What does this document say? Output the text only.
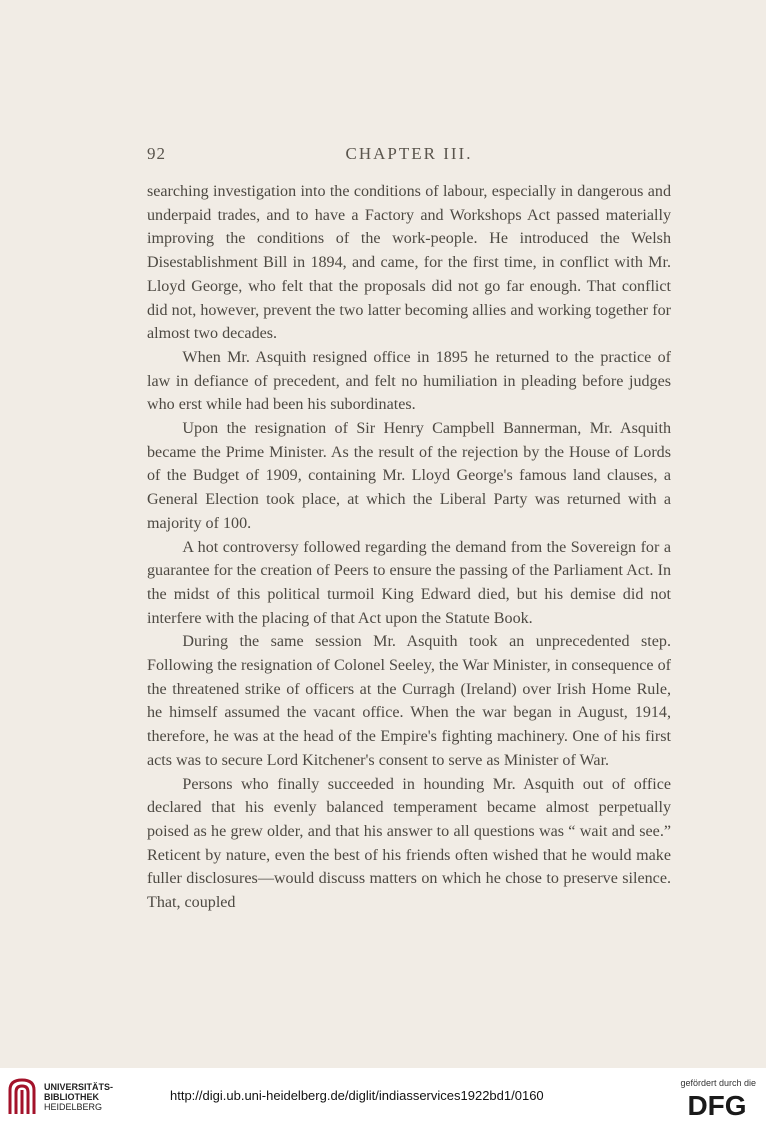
92	CHAPTER III.

searching investigation into the conditions of labour, especially in dangerous and underpaid trades, and to have a Factory and Workshops Act passed materially improving the conditions of the work-people. He introduced the Welsh Disestablishment Bill in 1894, and came, for the first time, in conflict with Mr. Lloyd George, who felt that the proposals did not go far enough. That conflict did not, however, prevent the two latter becoming allies and working together for almost two decades.

When Mr. Asquith resigned office in 1895 he returned to the practice of law in defiance of precedent, and felt no humiliation in pleading before judges who erst while had been his subordinates.

Upon the resignation of Sir Henry Campbell Bannerman, Mr. Asquith became the Prime Minister. As the result of the rejection by the House of Lords of the Budget of 1909, containing Mr. Lloyd George's famous land clauses, a General Election took place, at which the Liberal Party was returned with a majority of 100.

A hot controversy followed regarding the demand from the Sovereign for a guarantee for the creation of Peers to ensure the passing of the Parliament Act. In the midst of this political turmoil King Edward died, but his demise did not interfere with the placing of that Act upon the Statute Book.

During the same session Mr. Asquith took an unprecedented step. Following the resignation of Colonel Seeley, the War Minister, in consequence of the threatened strike of officers at the Curragh (Ireland) over Irish Home Rule, he himself assumed the vacant office. When the war began in August, 1914, therefore, he was at the head of the Empire's fighting machinery. One of his first acts was to secure Lord Kitchener's consent to serve as Minister of War.

Persons who finally succeeded in hounding Mr. Asquith out of office declared that his evenly balanced temperament became almost perpetually poised as he grew older, and that his answer to all questions was “ wait and see.” Reticent by nature, even the best of his friends often wished that he would make fuller disclosures—would discuss matters on which he chose to preserve silence. That, coupled

UNIVERSITÄTS-
BIBLIOTHEK
HEIDELBERG
http://digi.ub.uni-heidelberg.de/diglit/indiasservices1922bd1/0160
gefördert durch die
DFG
